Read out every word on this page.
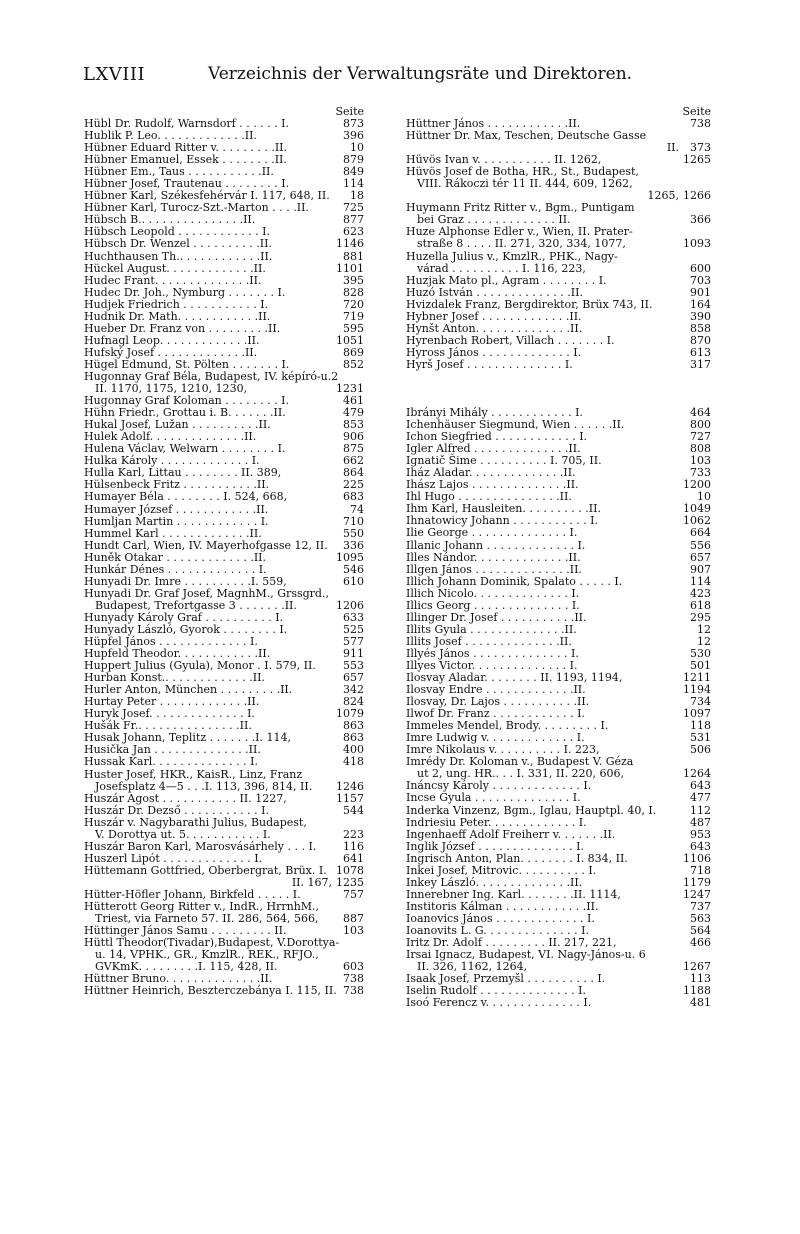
LXVIII	Verzeichnis der Verwaltungsräte und Direktoren.
Seite
Hübl Dr. Rudolf, Warnsdorf . . . . . . I.	873
Hublik P. Leo. . . . . . . . . . . . .II.	396
Hübner Eduard Ritter v. . . . . . . . .II.	10
Hübner Emanuel, Essek . . . . . . . .II.	879
Hübner Em., Taus . . . . . . . . . . .II.	849
Hübner Josef, Trautenau . . . . . . . . I.	114
Hübner Karl, Székesfehérvár I. 117, 648, II. 18
Hübner Karl, Turocz-Szt.-Marton . . . .II.	725
Hübsch B.. . . . . . . . . . . . . . .II.	877
Hübsch Leopold . . . . . . . . . . . . I.	623
Hübsch Dr. Wenzel . . . . . . . . . .II.	1146
Huchthausen Th.. . . . . . . . . . . .II.	881
Hückel August. . . . . . . . . . . . .II.	1101
Hudec Frant. . . . . . . . . . . . . .II.	395
Hudec Dr. Joh., Nymburg . . . . . . . I.	828
Hudjek Friedrich . . . . . . . . . . . I.	720
Hudnik Dr. Math. . . . . . . . . . . .II.	719
Hueber Dr. Franz von . . . . . . . . .II.	595
Hufnagl Leop. . . . . . . . . . . . .II.	1051
Hufský Josef . . . . . . . . . . . . .II.	869
Hügel Edmund, St. Pölten . . . . . . . I.	852
Hugonnay Graf Béla, Budapest, IV. képíró-u.2
II. 1170, 1175, 1210, 1230,	1231
Hugonnay Graf Koloman . . . . . . . . I.	461
Hühn Friedr., Grottau i. B. . . . . . .II.	479
Hukal Josef, Lužan . . . . . . . . . .II.	853
Hulek Adolf. . . . . . . . . . . . . .II.	906
Hulena Václav, Welwarn . . . . . . . . I.	875
Hulka Károly . . . . . . . . . . . . . I.	662
Hulla Karl, Littau . . . . . . . . II. 389,	864
Hülsenbeck Fritz . . . . . . . . . . .II.	225
Humayer Béla . . . . . . . . I. 524, 668,	683
Humayer József . . . . . . . . . . . .II.	74
Humljan Martin . . . . . . . . . . . . I.	710
Hummel Karl . . . . . . . . . . . . .II.	550
Hundt Carl, Wien, IV. Mayerhofgasse 12, II. 336
Huněk Otakar . . . . . . . . . . . . .II.	1095
Hunkár Dénes . . . . . . . . . . . . . I.	546
Hunyadi Dr. Imre . . . . . . . . . .I. 559,	610
Hunyadi Dr. Graf Josef, MagnhM., Grssgrd.,
Budapest, Trefortgasse 3 . . . . . . .II.	1206
Hunyady Károly Graf . . . . . . . . . . I.	633
Hunyady László, Gyorok . . . . . . . . I.	525
Hüpfel János . . . . . . . . . . . . . I.	577
Hupfeld Theodor. . . . . . . . . . . .II.	911
Huppert Julius (Gyula), Monor . I. 579, II. 553
Hurban Konst.. . . . . . . . . . . . .II.	657
Hurler Anton, München . . . . . . . . .II.	342
Hurtay Peter . . . . . . . . . . . . .II.	824
Huryk Josef. . . . . . . . . . . . . . I.	1079
Hušák Fr.. . . . . . . . . . . . . . .II.	863
Husak Johann, Teplitz . . . . . . .I. 114,	863
Husička Jan . . . . . . . . . . . . . .II.	400
Hussak Karl. . . . . . . . . . . . . . I.	418
Huster Josef, HKR., KaisR., Linz, Franz
Josefsplatz 4—5 . . .I. 113, 396, 814, II.	1246
Huszár Agost . . . . . . . . . . . II. 1227,	1157
Huszár Dr. Dezső . . . . . . . . . . . I.	544
Huszár v. Nagybarathi Julius, Budapest,
V. Dorottya ut. 5. . . . . . . . . . . I.	223
Huszár Baron Karl, Marosvásárhely . . . I. 116
Huszerl Lipót . . . . . . . . . . . . . I.	641
Hüttemann Gottfried, Oberbergrat, Brüx. I. 1078
II. 167, 1235
Hütter-Höfler Johann, Birkfeld . . . . . I.	757
Hütterott Georg Ritter v., IndR., HrrnhM.,
Triest, via Farneto 57. II. 286, 564, 566,	887
Hüttinger János Samu . . . . . . . . . II.	103
Hüttl Theodor(Tivadar),Budapest, V.Dorottya-
u. 14, VPHK., GR., KmzlR., REK., RFJO.,
GVKmK. . . . . . . . .I. 115, 428, II.	603
Hüttner Bruno. . . . . . . . . . . . . .II.	738
Hüttner Heinrich, Beszterczebánya I. 115, II. 738
Seite
Hüttner János . . . . . . . . . . . .II.	738
Hüttner Dr. Max, Teschen, Deutsche Gasse
II.	373
Hüvös Ivan v. . . . . . . . . . . II. 1262,	1265
Hüvös Josef de Botha, HR., St., Budapest,
VIII. Rákoczi tér 11 II. 444, 609, 1262,
1265, 1266
Huymann Fritz Ritter v., Bgm., Puntigam
bei Graz . . . . . . . . . . . . . II.	366
Huze Alphonse Edler v., Wien, II. Prater-
straße 8 . . . . II. 271, 320, 334, 1077,	1093
Huzella Julius v., KmzlR., PHK., Nagy-
várad . . . . . . . . . . I. 116, 223,	600
Huzjak Mato pl., Agram . . . . . . . . I.	703
Huzó István . . . . . . . . . . . . . .II.	901
Hvizdalek Franz, Bergdirektor, Brüx 743, II.	164
Hybner Josef . . . . . . . . . . . . .II.	390
Hynšt Anton. . . . . . . . . . . . . .II.	858
Hyrenbach Robert, Villach . . . . . . . I.	870
Hyross János . . . . . . . . . . . . . I.	613
Hyrš Josef . . . . . . . . . . . . . . I.	317
Ibrányi Mihály . . . . . . . . . . . . I.	464
Ichenhäuser Siegmund, Wien . . . . . .II.	800
Ichon Siegfried . . . . . . . . . . . . I.	727
Igler Alfred . . . . . . . . . . . . . .II.	808
Ignatič Šime . . . . . . . . . . I. 705, II.	103
Iház Aladar. . . . . . . . . . . . . .II.	733
Ihász Lajos . . . . . . . . . . . . . .II.	1200
Ihl Hugo . . . . . . . . . . . . . . .II.	10
Ihm Karl, Hausleiten. . . . . . . . . .II.	1049
Ihnatowicy Johann . . . . . . . . . . . I.	1062
Ilie George . . . . . . . . . . . . . . I.	664
Illanic Johann . . . . . . . . . . . . . I.	556
Illes Nándor. . . . . . . . . . . . . .II.	657
Illgen János . . . . . . . . . . . . . .II.	907
Illich Johann Dominik, Spalato . . . . . I.	114
Illich Nicolo. . . . . . . . . . . . . . I.	423
Illics Georg . . . . . . . . . . . . . . I.	618
Illinger Dr. Josef . . . . . . . . . . .II.	295
Illits Gyula . . . . . . . . . . . . . .II.	12
Illits Josef . . . . . . . . . . . . . .II.	12
Illyés János . . . . . . . . . . . . . . I.	530
Illyes Victor. . . . . . . . . . . . . . I.	501
Ilosvay Aladar. . . . . . . . II. 1193, 1194,	1211
Ilosvay Endre . . . . . . . . . . . . .II.	1194
Ilosvay, Dr. Lajos . . . . . . . . . . .II.	734
Ilwof Dr. Franz . . . . . . . . . . . . I.	1097
Immeles Mendel, Brody. . . . . . . . . I.	118
Imre Ludwig v. . . . . . . . . . . . . I.	531
Imre Nikolaus v. . . . . . . . . . I. 223,	506
Imrédy Dr. Koloman v., Budapest V. Géza
ut 2, ung. HR.. . . I. 331, II. 220, 606,	1264
Ináncsy Károly . . . . . . . . . . . . . I.	643
Incse Gyula . . . . . . . . . . . . . . I.	477
Inderka Vinzenz, Bgm., Iglau, Hauptpl. 40, I.	112
Indriesiu Peter. . . . . . . . . . . . . I.	487
Ingenhaeff Adolf Freiherr v. . . . . . .II.	953
Inglik József . . . . . . . . . . . . . . I.	643
Ingrisch Anton, Plan. . . . . . . . I. 834, II.	1106
Inkei Josef, Mitrovic. . . . . . . . . . I.	718
Inkey László. . . . . . . . . . . . . .II.	1179
Innerebner Ing. Karl. . . . . . . .II. 1114,	1247
Institoris Kálman . . . . . . . . . . . .II.	737
Ioanovics János . . . . . . . . . . . . . I.	563
Ioanovits L. G. . . . . . . . . . . . . . I.	564
Iritz Dr. Adolf . . . . . . . . . II. 217, 221,	466
Irsai Ignacz, Budapest, VI. Nagy-János-u. 6
II. 326, 1162, 1264,	1267
Isaak Josef, Przemyšl . . . . . . . . . . I.	113
Iselin Rudolf . . . . . . . . . . . . . . I.	1188
Isoó Ferencz v. . . . . . . . . . . . . . I.	481
